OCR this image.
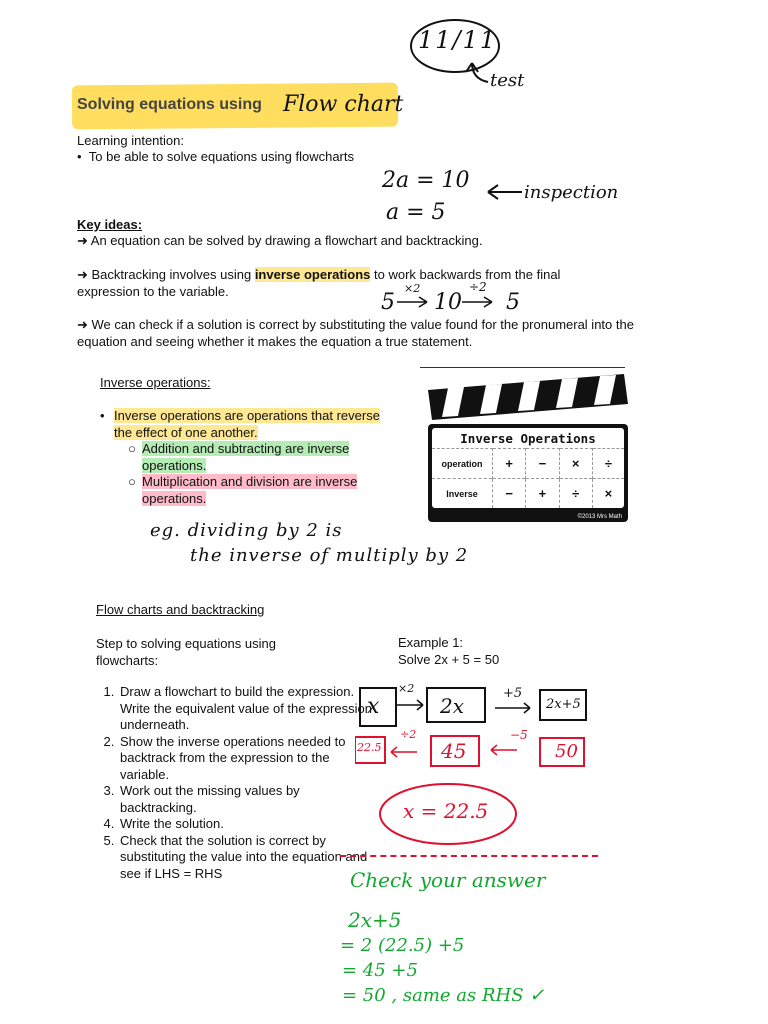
11/11
test
Solving equations using Flow chart
Learning intention:
•  To be able to solve equations using flowcharts
2a = 10
a = 5
inspection
Key ideas:
➜ An equation can be solved by drawing a flowchart and backtracking.
➜ Backtracking involves using inverse operations to work backwards from the final expression to the variable.	5
×2
10
÷2
5
➜ We can check if a solution is correct by substituting the value found for the pronumeral into the equation and seeing whether it makes the equation a true statement.
Inverse operations:
• Inverse operations are operations that reverse the effect of one another.
○ Addition and subtracting are inverse operations.
○ Multiplication and division are inverse operations.
Inverse Operations
operation	+	−	×	÷
Inverse	−	+	÷	×
©2013 Mrs Math
eg. dividing by 2 is
the inverse of multiply by 2
Flow charts and backtracking
Step to solving equations using flowcharts:
Example 1:
Solve 2x + 5 = 50
1. Draw a flowchart to build the expression. Write the equivalent value of the expression underneath.
2. Show the inverse operations needed to backtrack from the expression to the variable.
3. Work out the missing values by backtracking.
4. Write the solution.
5. Check that the solution is correct by substituting the value into the equation and see if LHS = RHS
x
×2
2x
+5
2x+5
22.5
÷2
45
−5
50
x = 22.5
Check your answer
2x+5
= 2 (22.5) +5
= 45 +5
= 50 , same as RHS ✓
